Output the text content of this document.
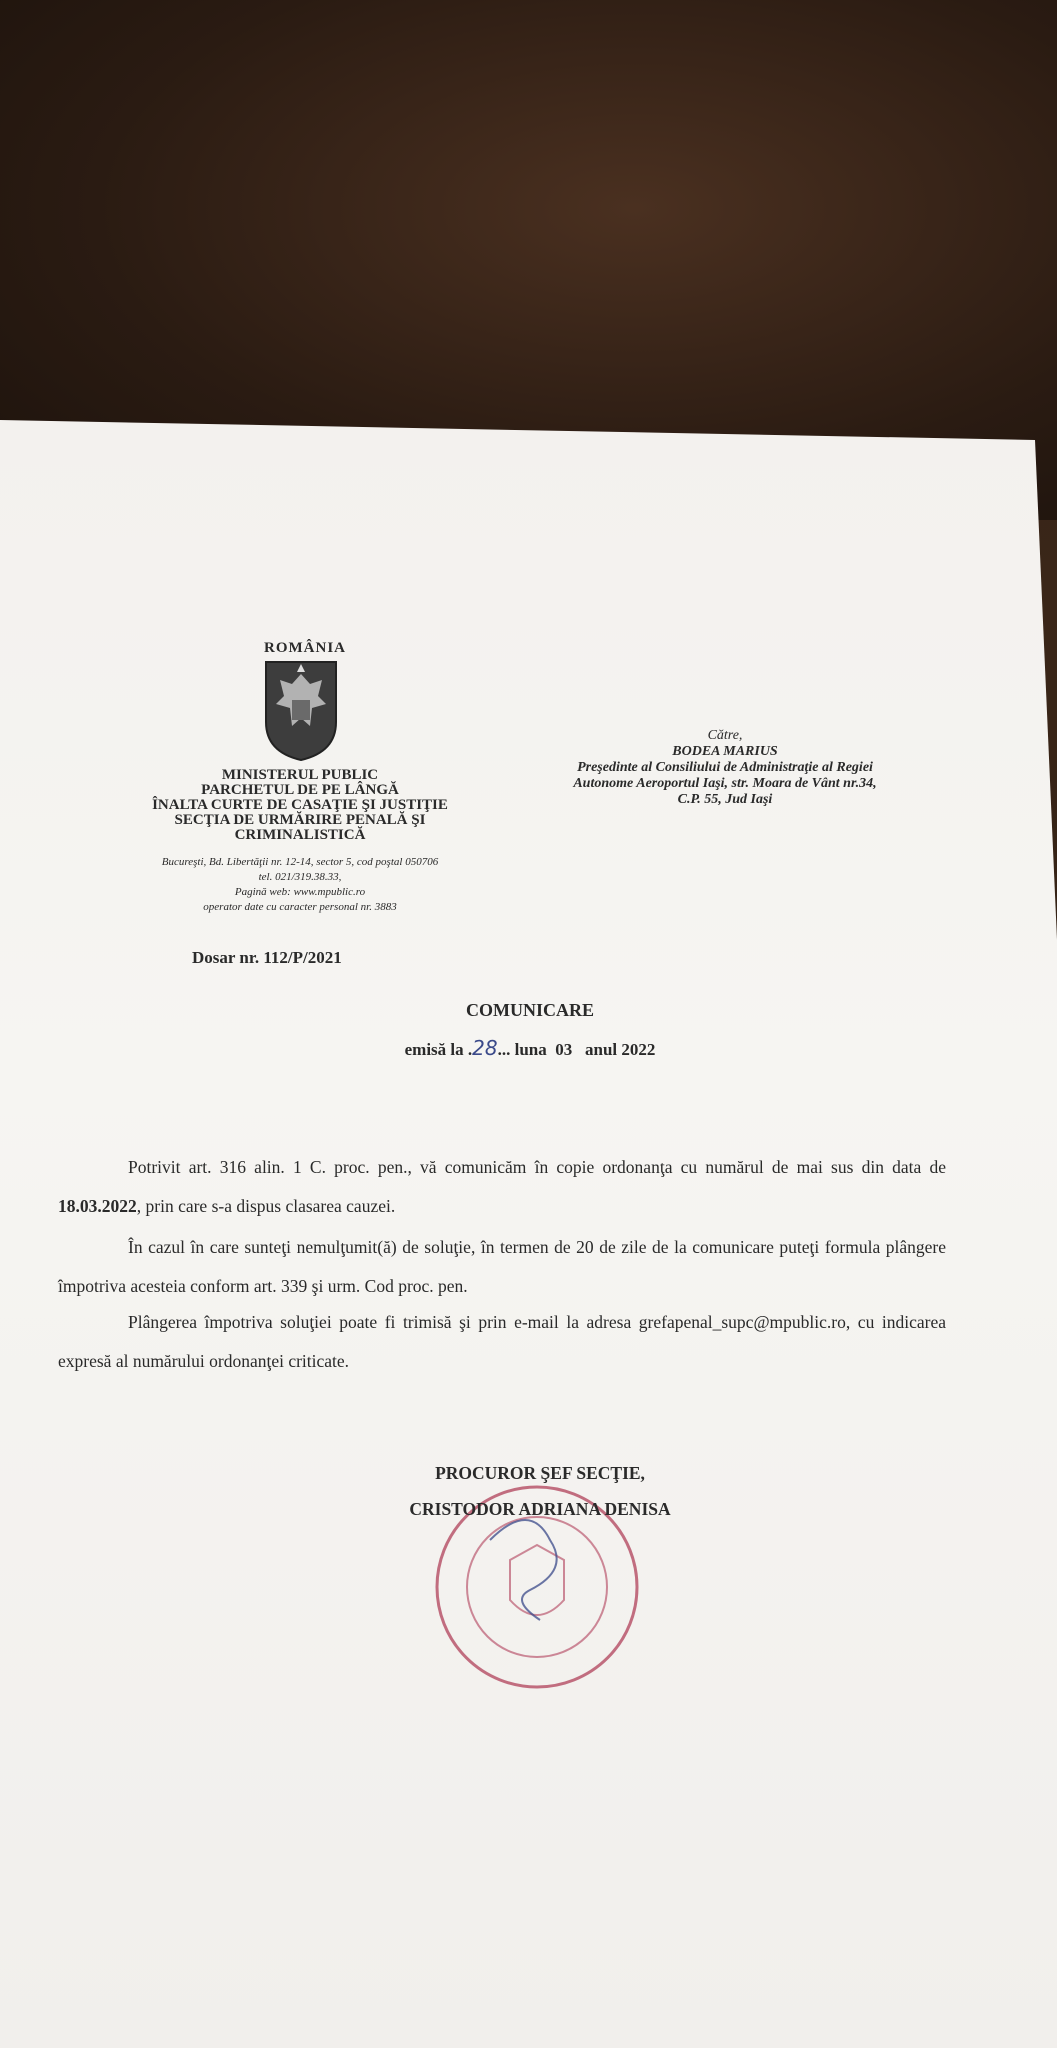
ROMÂNIA
MINISTERUL PUBLIC
PARCHETUL DE PE LÂNGĂ
ÎNALTA CURTE DE CASAŢIE ŞI JUSTIŢIE
SECŢIA DE URMĂRIRE PENALĂ ŞI
CRIMINALISTICĂ
Bucureşti, Bd. Libertăţii nr. 12-14, sector 5, cod poştal 050706
tel. 021/319.38.33,
Pagină web: www.mpublic.ro
operator date cu caracter personal nr. 3883
Către,
BODEA MARIUS
Preşedinte al Consiliului de Administraţie al Regiei
Autonome Aeroportul Iaşi, str. Moara de Vânt nr.34,
C.P. 55, Jud Iaşi
Dosar nr. 112/P/2021
COMUNICARE
emisă la .28... luna  03   anul 2022
Potrivit art. 316 alin. 1 C. proc. pen., vă comunicăm în copie ordonanţa cu numărul de mai sus din data de 18.03.2022, prin care s-a dispus clasarea cauzei.
În cazul în care sunteţi nemulţumit(ă) de soluţie, în termen de 20 de zile de la comunicare puteţi formula plângere împotriva acesteia conform art. 339 şi urm. Cod proc. pen.
Plângerea împotriva soluţiei poate fi trimisă şi prin e-mail la adresa grefapenal_supc@mpublic.ro, cu indicarea expresă al numărului ordonanţei criticate.
PROCUROR ŞEF SECŢIE,
CRISTODOR ADRIANA DENISA
